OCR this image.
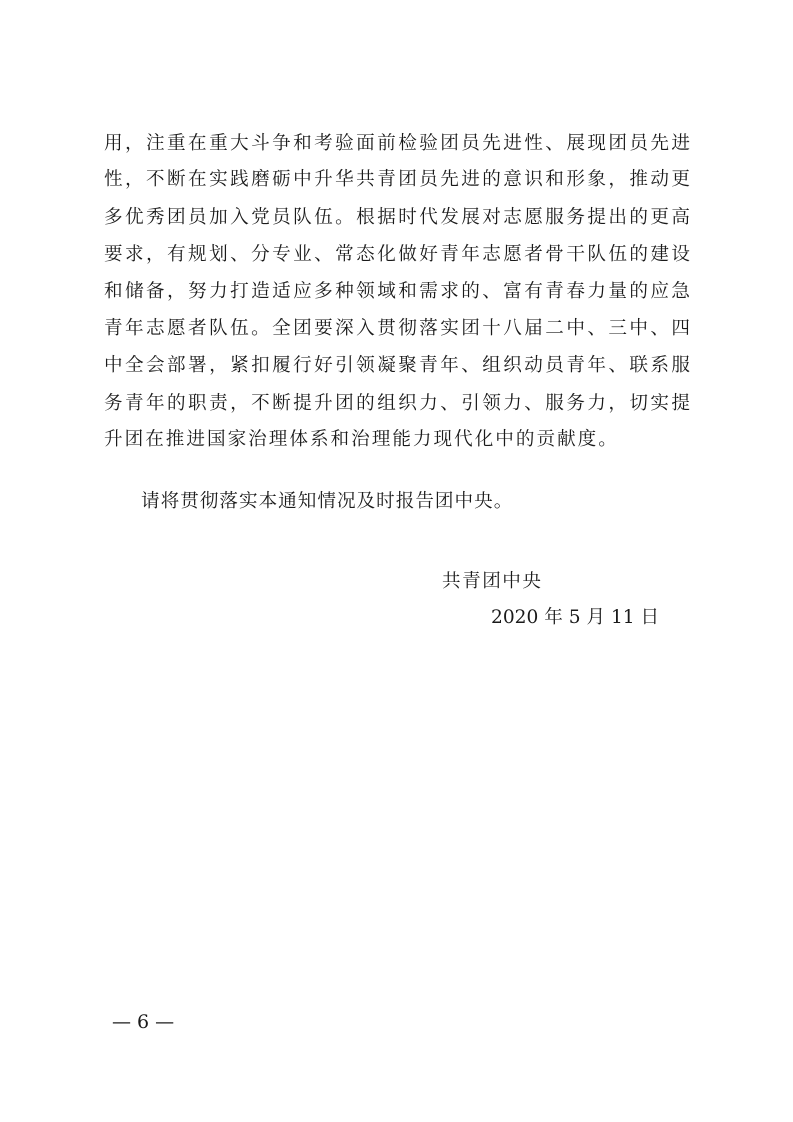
用，注重在重大斗争和考验面前检验团员先进性、展现团员先进
性，不断在实践磨砺中升华共青团员先进的意识和形象，推动更
多优秀团员加入党员队伍。根据时代发展对志愿服务提出的更高
要求，有规划、分专业、常态化做好青年志愿者骨干队伍的建设
和储备，努力打造适应多种领域和需求的、富有青春力量的应急
青年志愿者队伍。全团要深入贯彻落实团十八届二中、三中、四
中全会部署，紧扣履行好引领凝聚青年、组织动员青年、联系服
务青年的职责，不断提升团的组织力、引领力、服务力，切实提
升团在推进国家治理体系和治理能力现代化中的贡献度。
请将贯彻落实本通知情况及时报告团中央。
共青团中央
2020 年 5 月 11 日
— 6 —
